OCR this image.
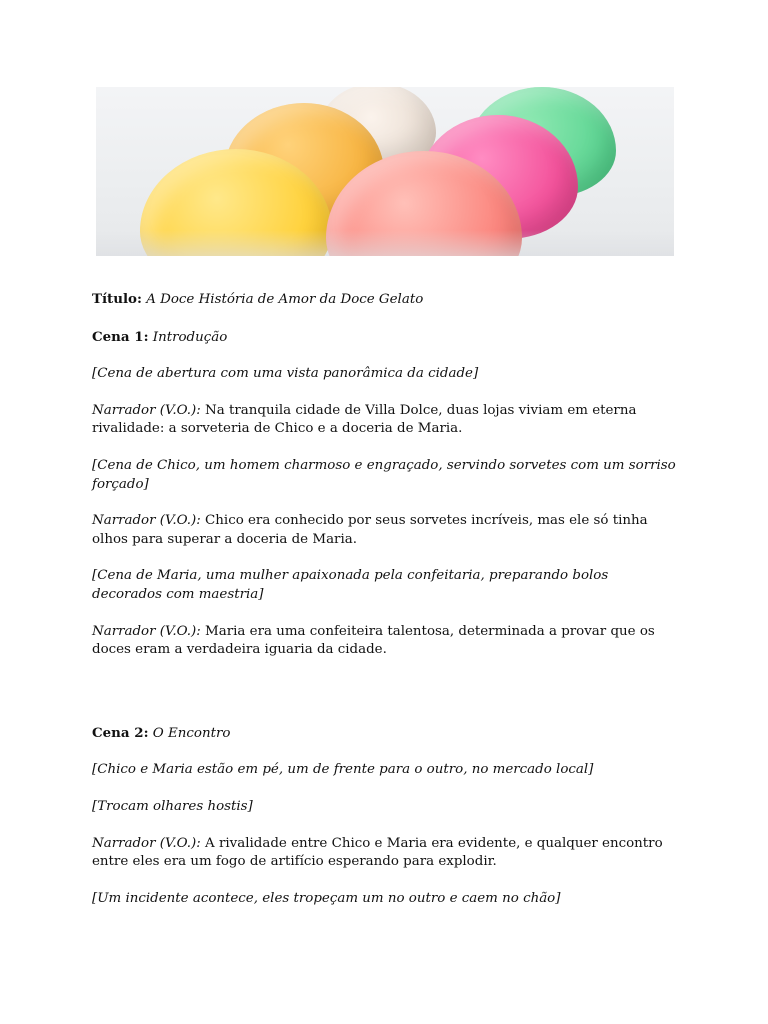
Título: A Doce História de Amor da Doce Gelato

Cena 1: Introdução

[Cena de abertura com uma vista panorâmica da cidade]

Narrador (V.O.): Na tranquila cidade de Villa Dolce, duas lojas viviam em eterna rivalidade: a sorveteria de Chico e a doceria de Maria.

[Cena de Chico, um homem charmoso e engraçado, servindo sorvetes com um sorriso forçado]

Narrador (V.O.): Chico era conhecido por seus sorvetes incríveis, mas ele só tinha olhos para superar a doceria de Maria.

[Cena de Maria, uma mulher apaixonada pela confeitaria, preparando bolos decorados com maestria]

Narrador (V.O.): Maria era uma confeiteira talentosa, determinada a provar que os doces eram a verdadeira iguaria da cidade.

Cena 2: O Encontro

[Chico e Maria estão em pé, um de frente para o outro, no mercado local]

[Trocam olhares hostis]

Narrador (V.O.): A rivalidade entre Chico e Maria era evidente, e qualquer encontro entre eles era um fogo de artifício esperando para explodir.

[Um incidente acontece, eles tropeçam um no outro e caem no chão]
